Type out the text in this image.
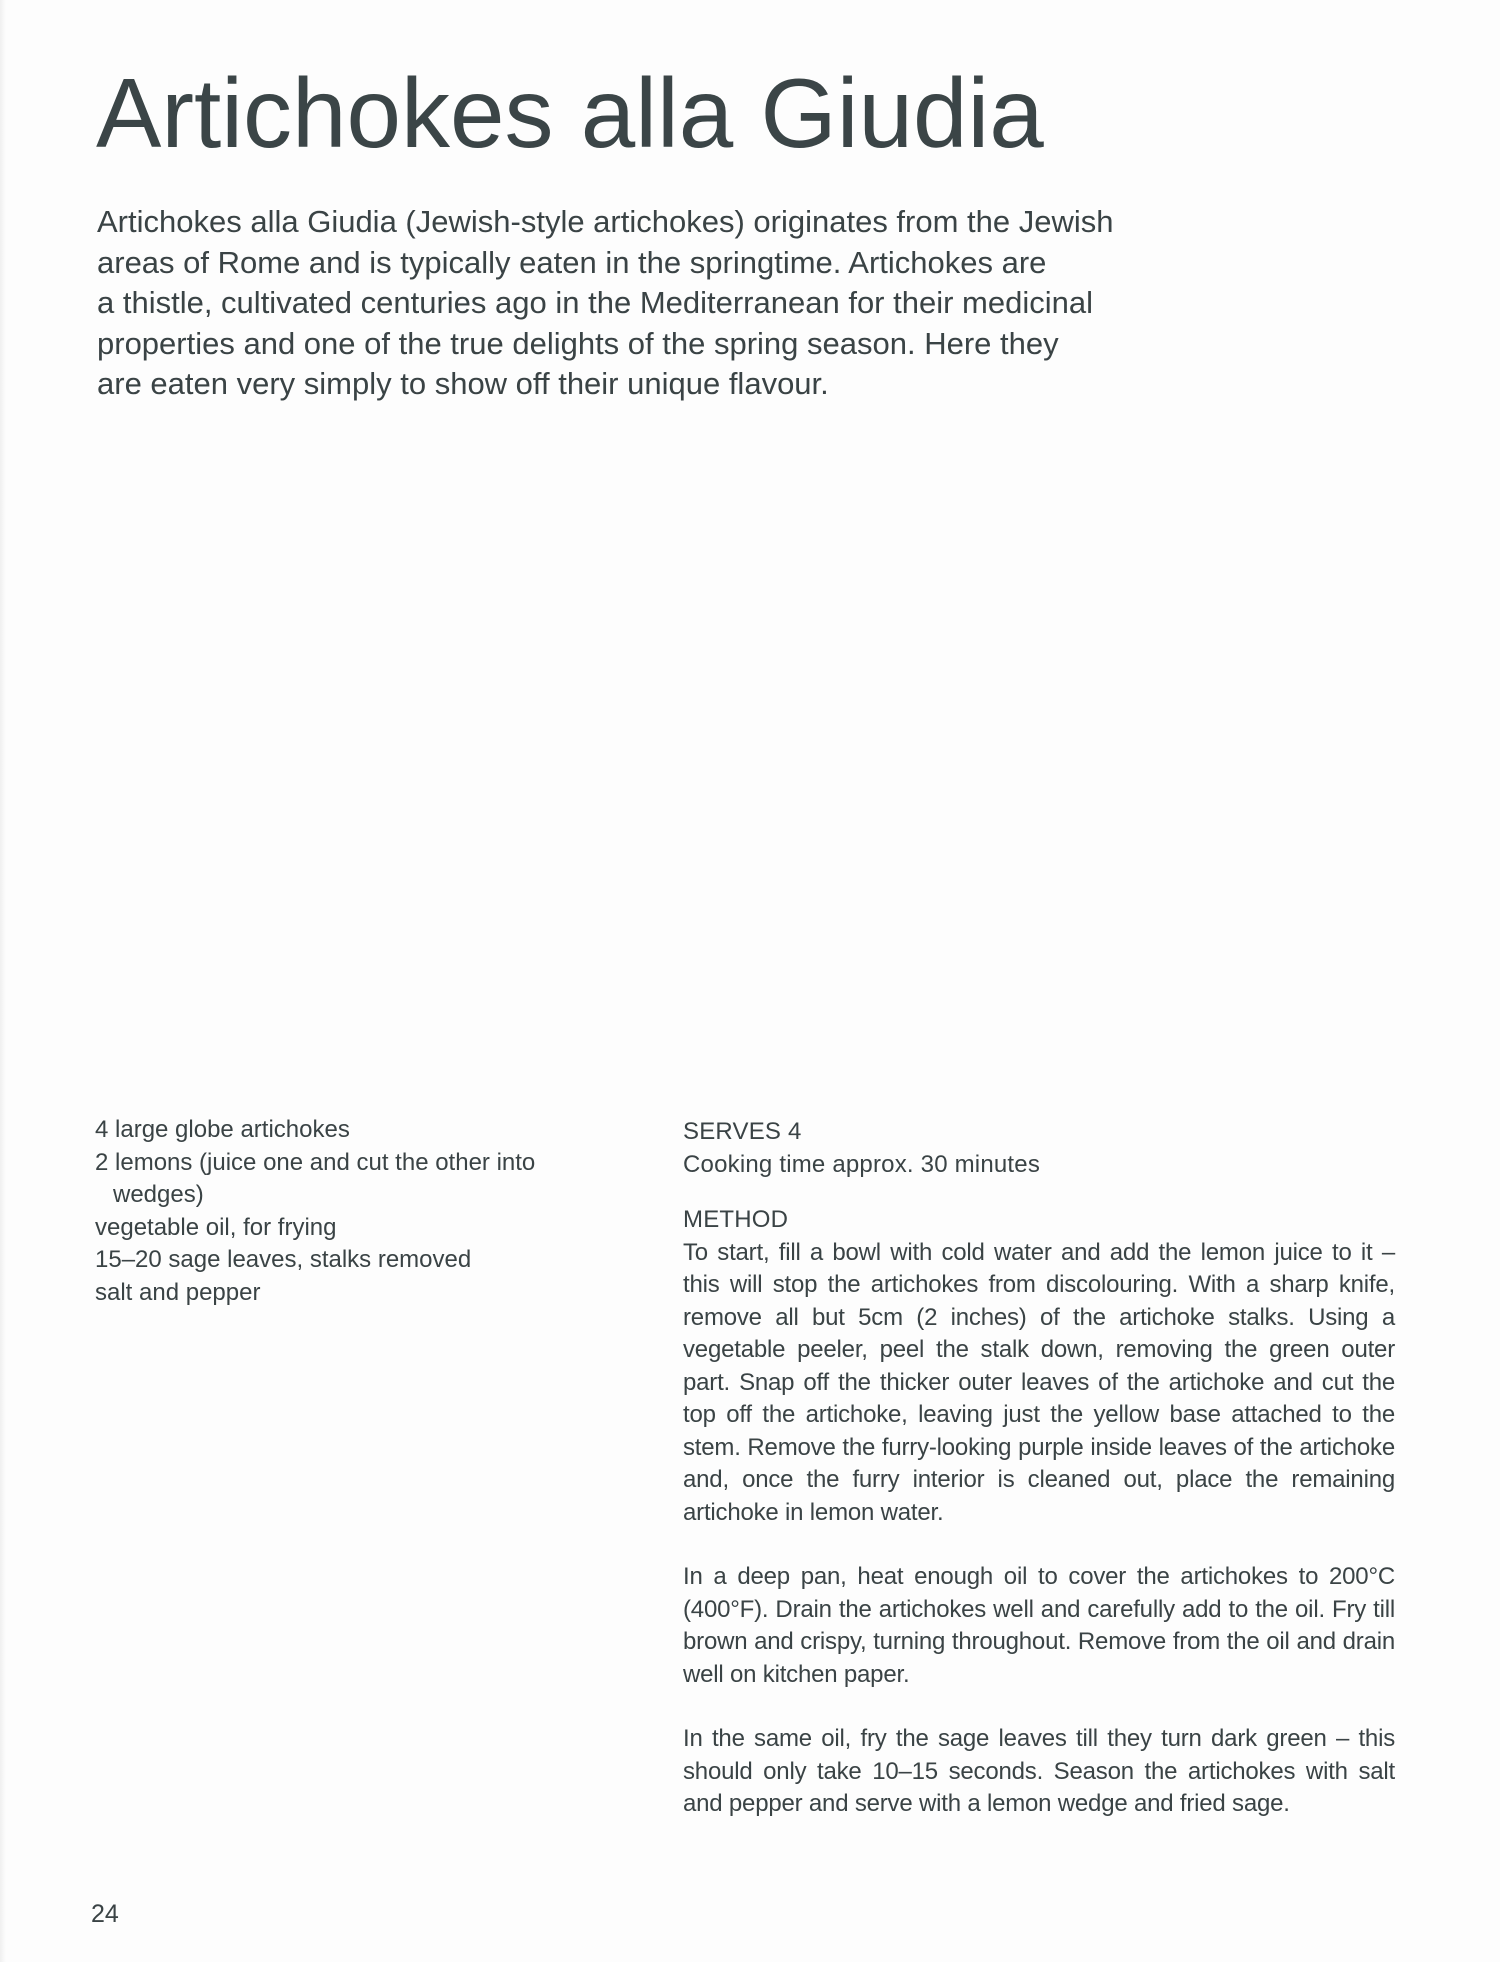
Artichokes alla Giudia

Artichokes alla Giudia (Jewish-style artichokes) originates from the Jewish
areas of Rome and is typically eaten in the springtime. Artichokes are
a thistle, cultivated centuries ago in the Mediterranean for their medicinal
properties and one of the true delights of the spring season. Here they
are eaten very simply to show off their unique flavour.

4 large globe artichokes
2 lemons (juice one and cut the other into wedges)
vegetable oil, for frying
15–20 sage leaves, stalks removed
salt and pepper

SERVES 4

Cooking time approx. 30 minutes

METHOD

To start, fill a bowl with cold water and add the lemon juice to it – this will stop the artichokes from discolouring. With a sharp knife, remove all but 5cm (2 inches) of the artichoke stalks. Using a vegetable peeler, peel the stalk down, removing the green outer part. Snap off the thicker outer leaves of the artichoke and cut the top off the artichoke, leaving just the yellow base attached to the stem. Remove the furry-looking purple inside leaves of the artichoke and, once the furry interior is cleaned out, place the remaining artichoke in lemon water.

In a deep pan, heat enough oil to cover the artichokes to 200°C (400°F). Drain the artichokes well and carefully add to the oil. Fry till brown and crispy, turning throughout. Remove from the oil and drain well on kitchen paper.

In the same oil, fry the sage leaves till they turn dark green – this should only take 10–15 seconds. Season the artichokes with salt and pepper and serve with a lemon wedge and fried sage.

24
